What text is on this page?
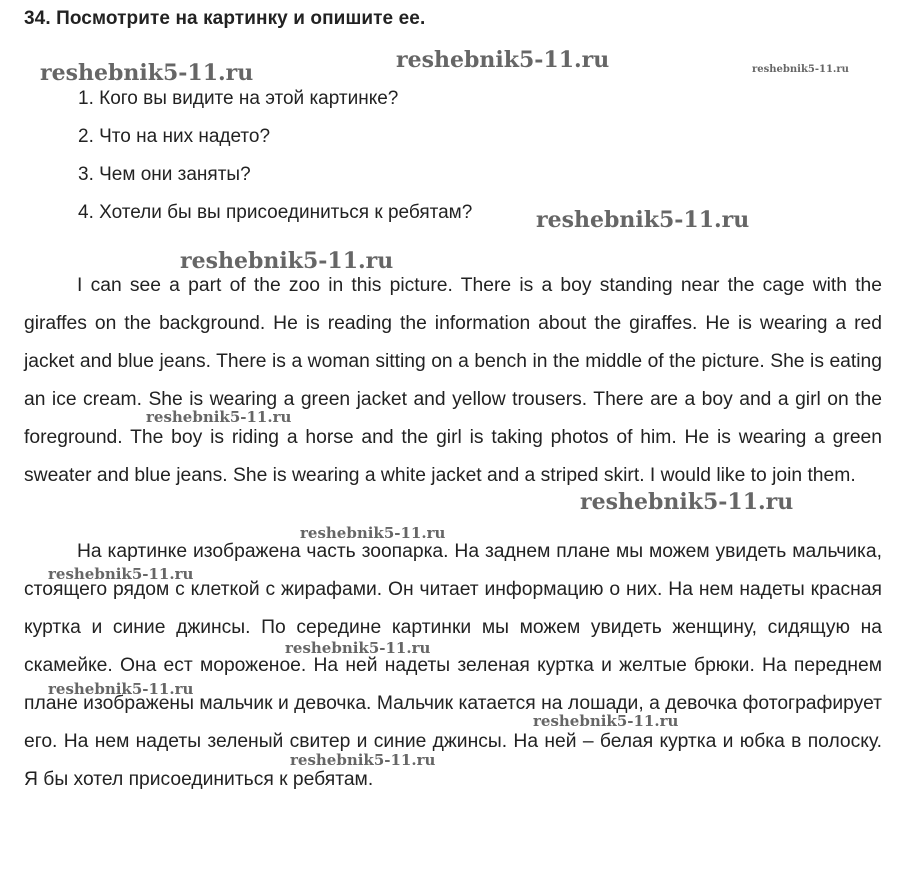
34. Посмотрите на картинку и опишите ее.
1. Кого вы видите на этой картинке?
2. Что на них надето?
3. Чем они заняты?
4. Хотели бы вы присоединиться к ребятам?

I can see a part of the zoo in this picture. There is a boy standing near the cage with the giraffes on the background. He is reading the information about the giraffes. He is wearing a red jacket and blue jeans. There is a woman sitting on a bench in the middle of the picture. She is eating an ice cream. She is wearing a green jacket and yellow trousers. There are a boy and a girl on the foreground. The boy is riding a horse and the girl is taking photos of him. He is wearing a green sweater and blue jeans. She is wearing a white jacket and a striped skirt. I would like to join them.

На картинке изображена часть зоопарка. На заднем плане мы можем увидеть мальчика, стоящего рядом с клеткой с жирафами. Он читает информацию о них. На нем надеты красная куртка и синие джинсы. По середине картинки мы можем увидеть женщину, сидящую на скамейке. Она ест мороженое. На ней надеты зеленая куртка и желтые брюки. На переднем плане изображены мальчик и девочка. Мальчик катается на лошади, а девочка фотографирует его. На нем надеты зеленый свитер и синие джинсы. На ней – белая куртка и юбка в полоску. Я бы хотел присоединиться к ребятам.

reshebnik5-11.ru	reshebnik5-11.ru	reshebnik5-11.ru
reshebnik5-11.ru
reshebnik5-11.ru
reshebnik5-11.ru
reshebnik5-11.ru
reshebnik5-11.ru
reshebnik5-11.ru
reshebnik5-11.ru
reshebnik5-11.ru
reshebnik5-11.ru
reshebnik5-11.ru
